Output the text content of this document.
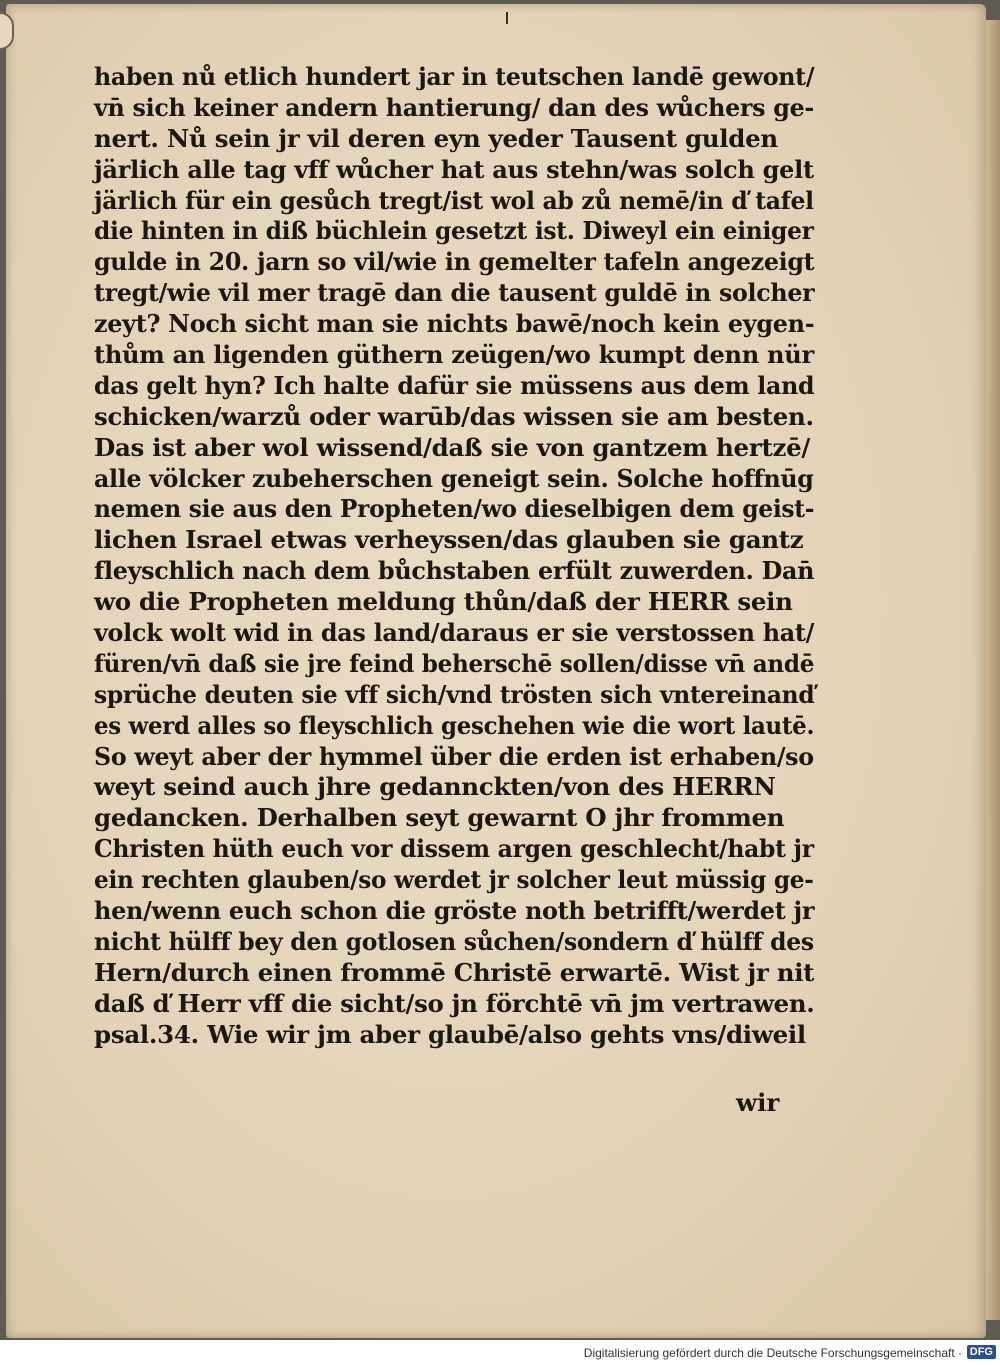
haben nů etlich hundert jar in teutschen landē gewont/
vn̄ sich keiner andern hantierung/ dan des wůchers ge-
nert. Nů sein jr vil deren eyn yeder Tausent gulden
järlich alle tag vff wůcher hat aus stehn/was solch gelt
järlich für ein gesůch tregt/ist wol ab zů nemē/in ď tafel
die hinten in diß büchlein gesetzt ist. Diweyl ein einiger
gulde in 20. jarn so vil/wie in gemelter tafeln angezeigt
tregt/wie vil mer tragē dan die tausent guldē in solcher
zeyt? Noch sicht man sie nichts bawē/noch kein eygen-
thům an ligenden güthern zeügen/wo kumpt denn nür
das gelt hyn? Ich halte dafür sie müssens aus dem land
schicken/warzů oder warūb/das wissen sie am besten.
Das ist aber wol wissend/daß sie von gantzem hertzē/
alle völcker zubeherschen geneigt sein. Solche hoffnūg
nemen sie aus den Propheten/wo dieselbigen dem geist-
lichen Israel etwas verheyssen/das glauben sie gantz
fleyschlich nach dem bůchstaben erfült zuwerden. Dan̄
wo die Propheten meldung thůn/daß der HERR sein
volck wolt wid in das land/daraus er sie verstossen hat/
füren/vn̄ daß sie jre feind beherschē sollen/disse vn̄ andē
sprüche deuten sie vff sich/vnd trösten sich vntereinanď
es werd alles so fleyschlich geschehen wie die wort lautē.
So weyt aber der hymmel über die erden ist erhaben/so
weyt seind auch jhre gedannckten/von des HERRN
gedancken. Derhalben seyt gewarnt O jhr frommen
Christen hüth euch vor dissem argen geschlecht/habt jr
ein rechten glauben/so werdet jr solcher leut müssig ge-
hen/wenn euch schon die gröste noth betrifft/werdet jr
nicht hülff bey den gotlosen sůchen/sondern ď hülff des
Hern/durch einen frommē Christē erwartē. Wist jr nit
daß ď Herr vff die sicht/so jn förchtē vn̄ jm vertrawen.
psal.34. Wie wir jm aber glaubē/also gehts vns/diweil
wir
Digitalisierung gefördert durch die Deutsche Forschungsgemeinschaft · DFG
